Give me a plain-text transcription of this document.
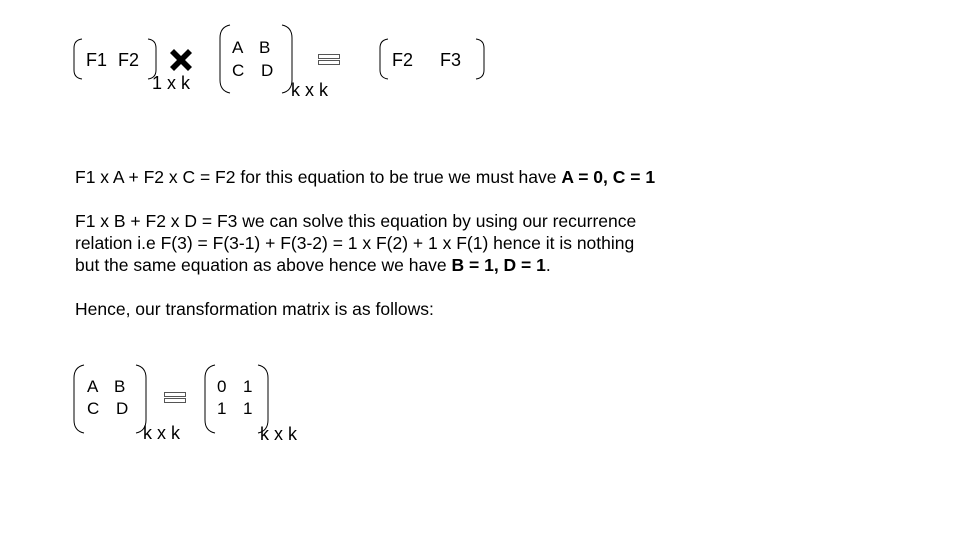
F1 F2
1 x k
A B
C D
k x k
F2 F3
F1 x A + F2 x C = F2 for this equation to be true we must have A = 0, C = 1
F1 x B + F2 x D = F3 we can solve this equation by using our recurrence
relation i.e F(3) = F(3-1) + F(3-2) = 1 x F(2) + 1 x F(1) hence it is nothing
but the same equation as above hence we have B = 1, D = 1.
Hence, our transformation matrix is as follows:
A B
C D
k x k
0 1
1 1
k x k
